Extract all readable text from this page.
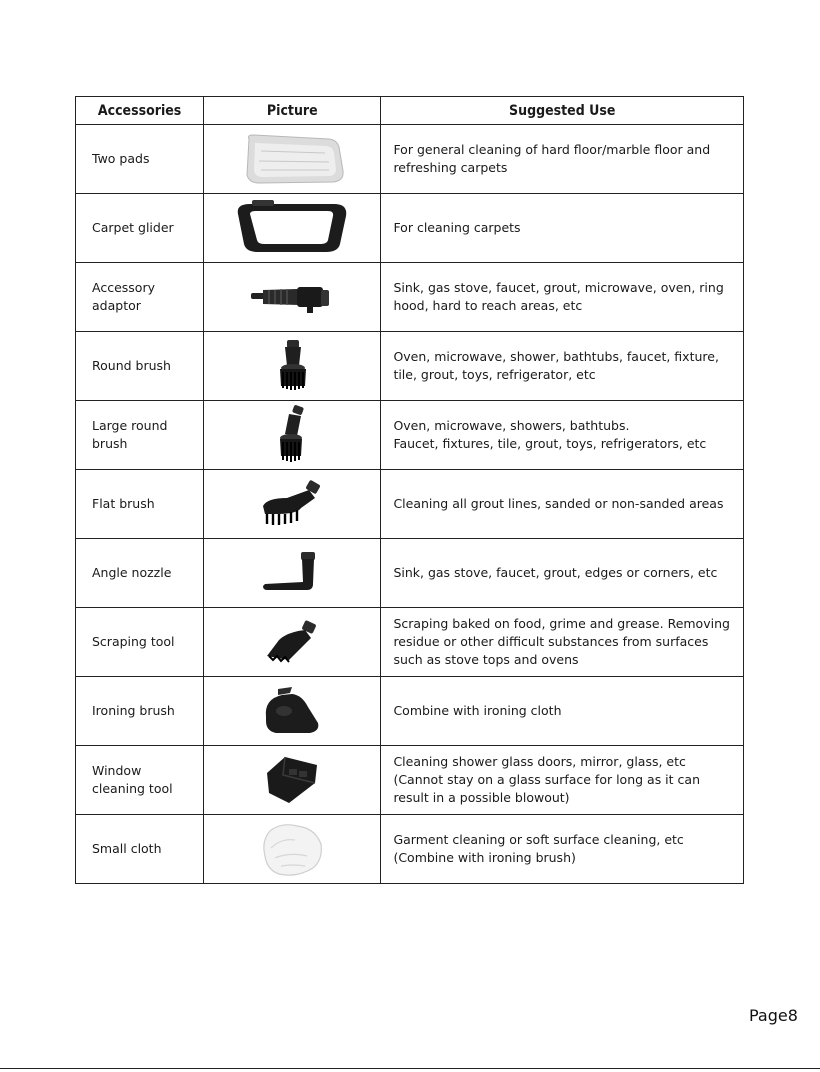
Accessories	Picture	Suggested Use
Two pads		For general cleaning of hard floor/marble floor and refreshing carpets
Carpet glider		For cleaning carpets
Accessory adaptor		Sink, gas stove, faucet, grout, microwave, oven, ring hood, hard to reach areas, etc
Round brush		Oven, microwave, shower, bathtubs, faucet, fixture, tile, grout, toys, refrigerator, etc
Large round brush		Oven, microwave, showers, bathtubs.
Faucet, fixtures, tile, grout, toys, refrigerators, etc
Flat brush		Cleaning all grout lines, sanded or non-sanded areas
Angle nozzle		Sink, gas stove, faucet, grout, edges or corners, etc
Scraping tool		Scraping baked on food, grime and grease. Removing residue or other difficult substances from surfaces such as stove tops and ovens
Ironing brush		Combine with ironing cloth
Window cleaning tool		Cleaning shower glass doors, mirror, glass, etc (Cannot stay on a glass surface for long as it can result in a possible blowout)
Small cloth		Garment cleaning or soft surface cleaning, etc (Combine with ironing brush)
Page8
